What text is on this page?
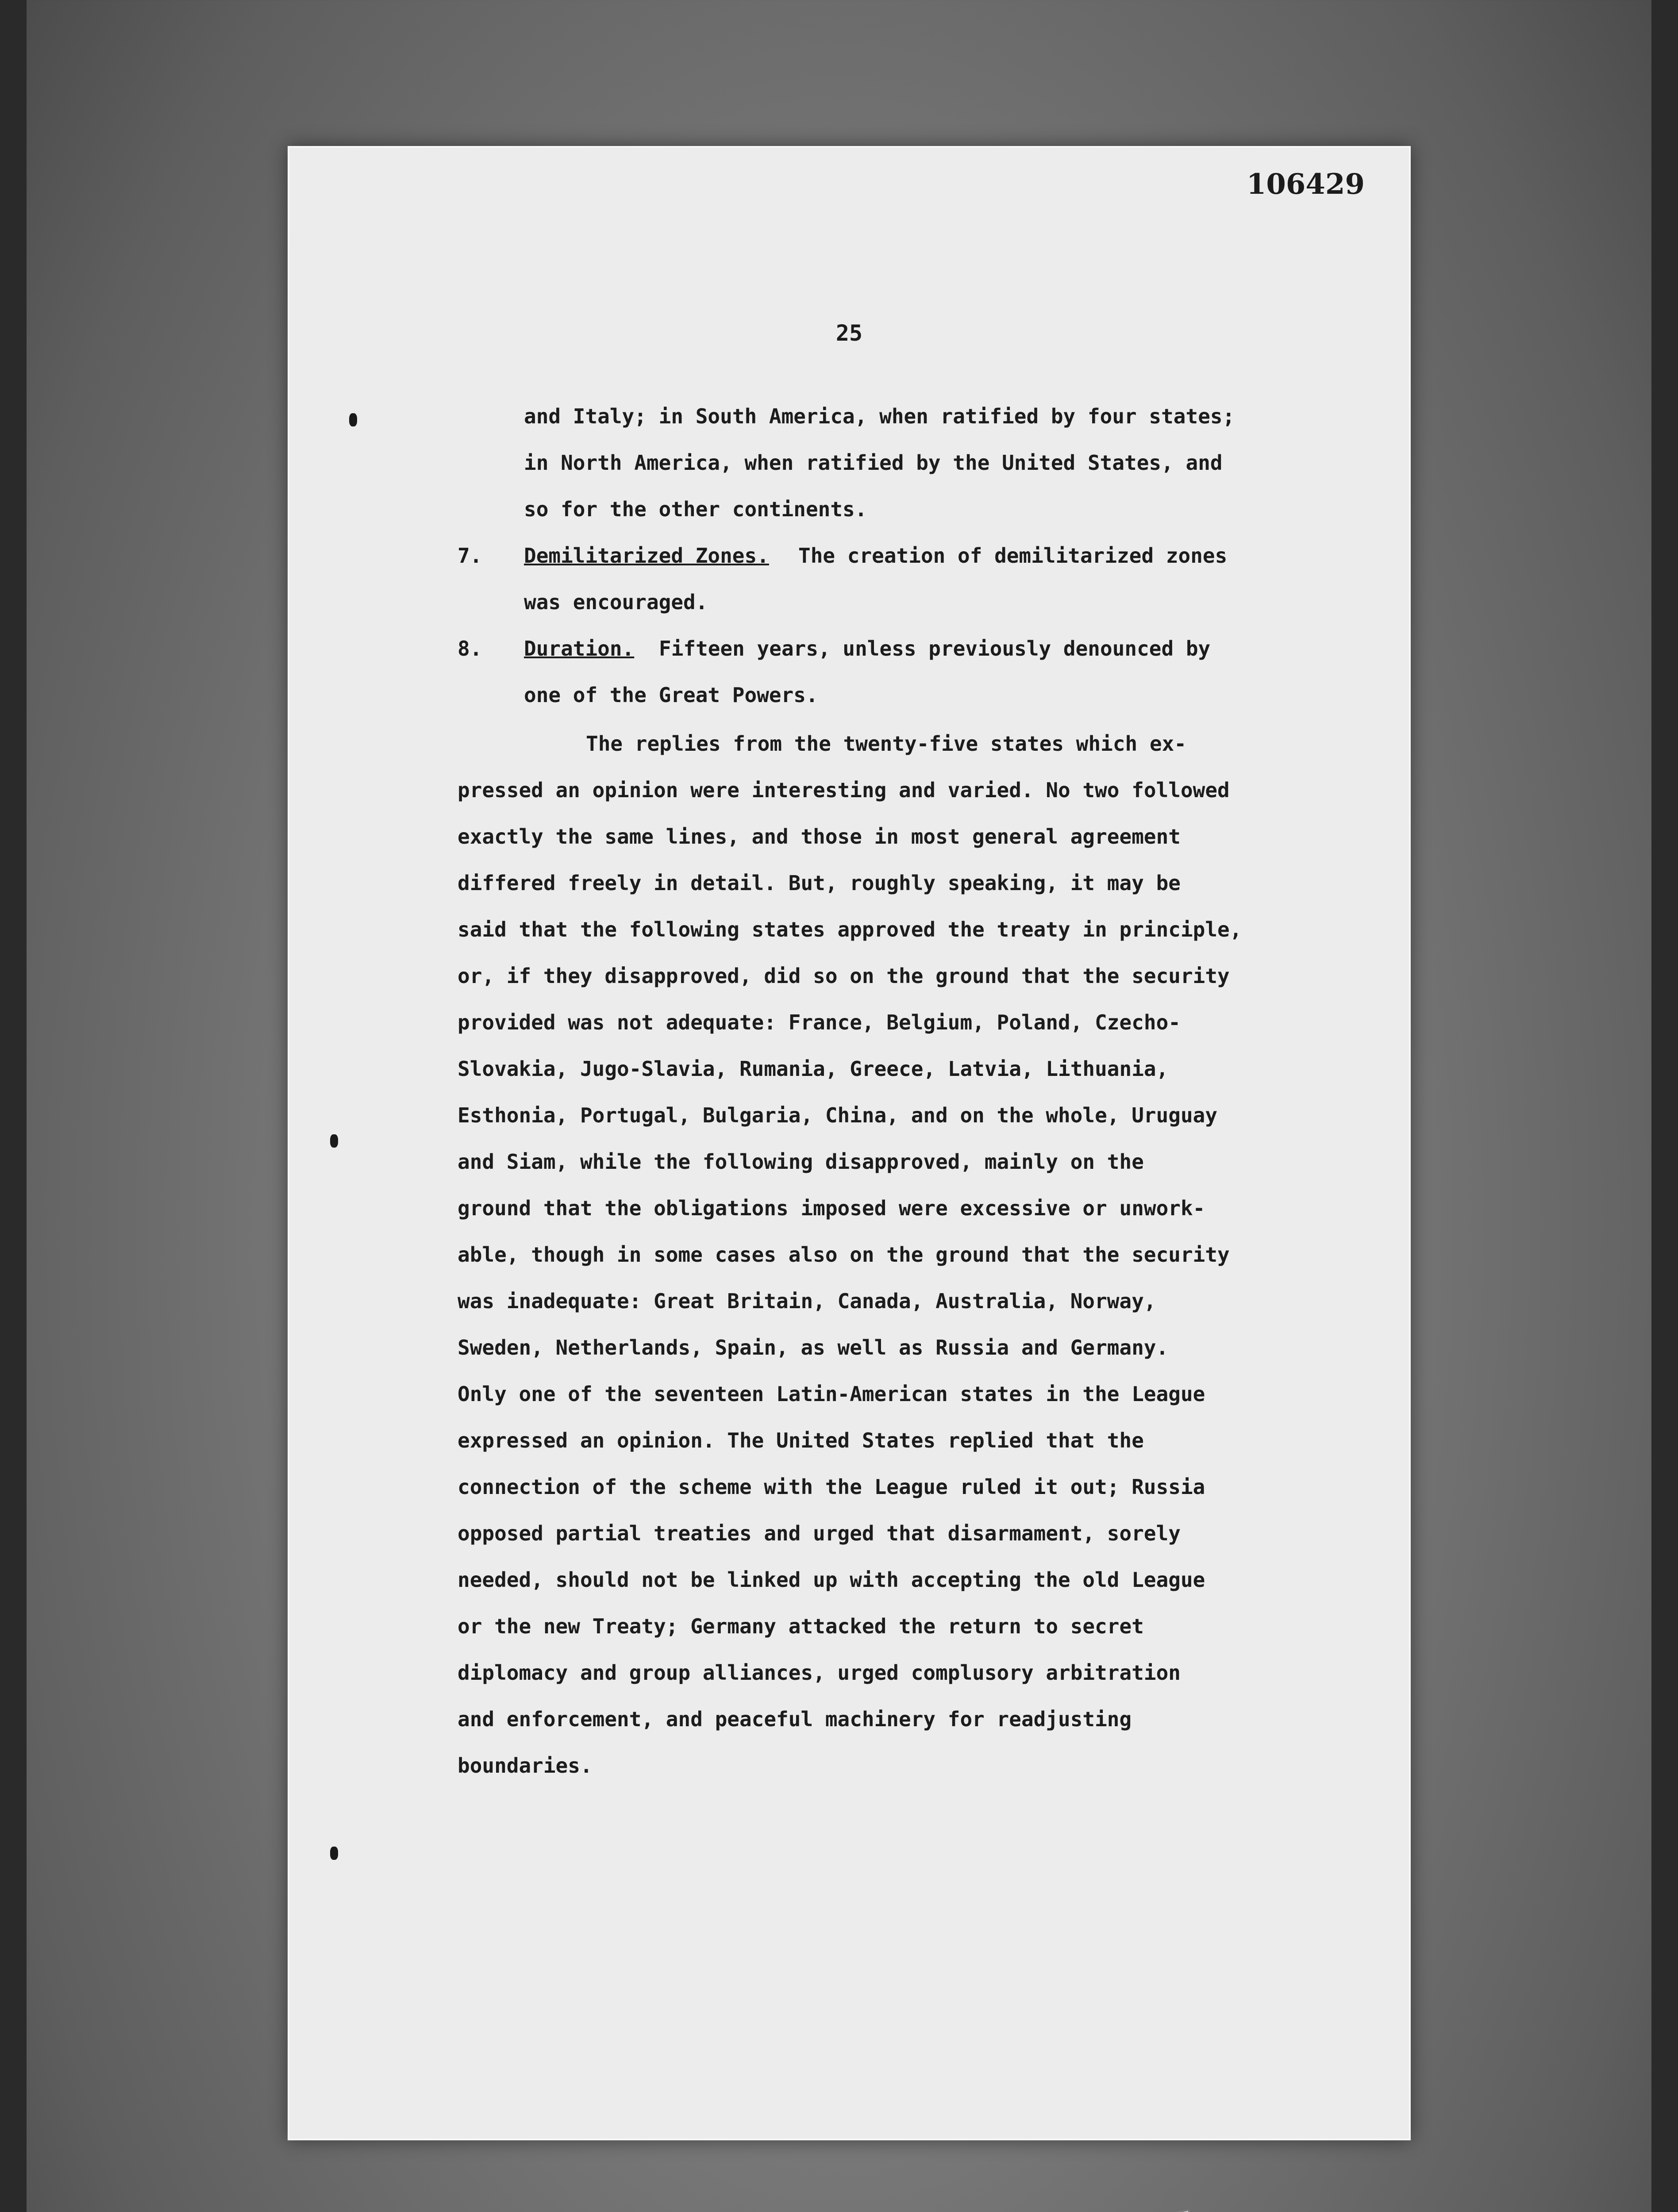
106429
25
and Italy; in South America, when ratified by four states;
in North America, when ratified by the United States, and
so for the other continents.
7. Demilitarized Zones. The creation of demilitarized zones
was encouraged.
8. Duration. Fifteen years, unless previously denounced by
one of the Great Powers.
The replies from the twenty-five states which ex-
pressed an opinion were interesting and varied. No two followed
exactly the same lines, and those in most general agreement
differed freely in detail. But, roughly speaking, it may be
said that the following states approved the treaty in principle,
or, if they disapproved, did so on the ground that the security
provided was not adequate: France, Belgium, Poland, Czecho-
Slovakia, Jugo-Slavia, Rumania, Greece, Latvia, Lithuania,
Esthonia, Portugal, Bulgaria, China, and on the whole, Uruguay
and Siam, while the following disapproved, mainly on the
ground that the obligations imposed were excessive or unwork-
able, though in some cases also on the ground that the security
was inadequate: Great Britain, Canada, Australia, Norway,
Sweden, Netherlands, Spain, as well as Russia and Germany.
Only one of the seventeen Latin-American states in the League
expressed an opinion. The United States replied that the
connection of the scheme with the League ruled it out; Russia
opposed partial treaties and urged that disarmament, sorely
needed, should not be linked up with accepting the old League
or the new Treaty; Germany attacked the return to secret
diplomacy and group alliances, urged complusory arbitration
and enforcement, and peaceful machinery for readjusting
boundaries.
